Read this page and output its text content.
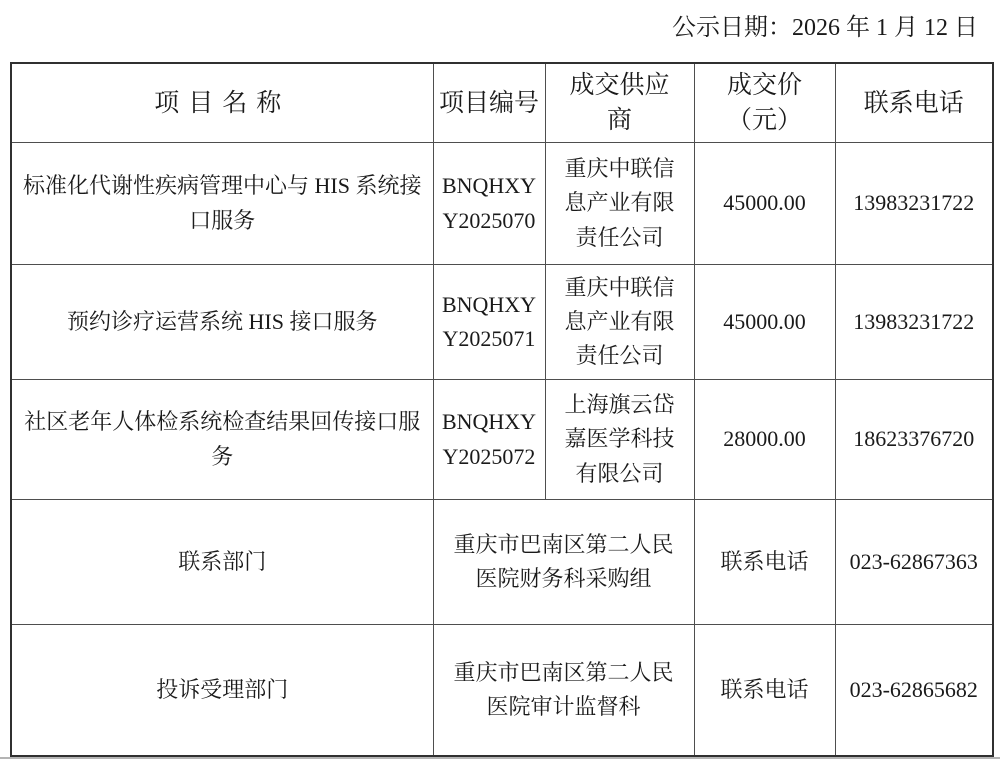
公示日期：2026 年 1 月 12 日
项目名称	项目编号	成交供应商	成交价（元）	联系电话

标准化代谢性疾病管理中心与 HIS 系统接口服务	BNQHXYY2025070	重庆中联信息产业有限责任公司	45000.00	13983231722

预约诊疗运营系统 HIS 接口服务	BNQHXYY2025071	重庆中联信息产业有限责任公司	45000.00	13983231722

社区老年人体检系统检查结果回传接口服务	BNQHXYY2025072	上海旗云岱嘉医学科技有限公司	28000.00	18623376720
联系部门	重庆市巴南区第二人民医院财务科采购组		联系电话	023-62867363
投诉受理部门	重庆市巴南区第二人民医院审计监督科		联系电话	023-62865682
